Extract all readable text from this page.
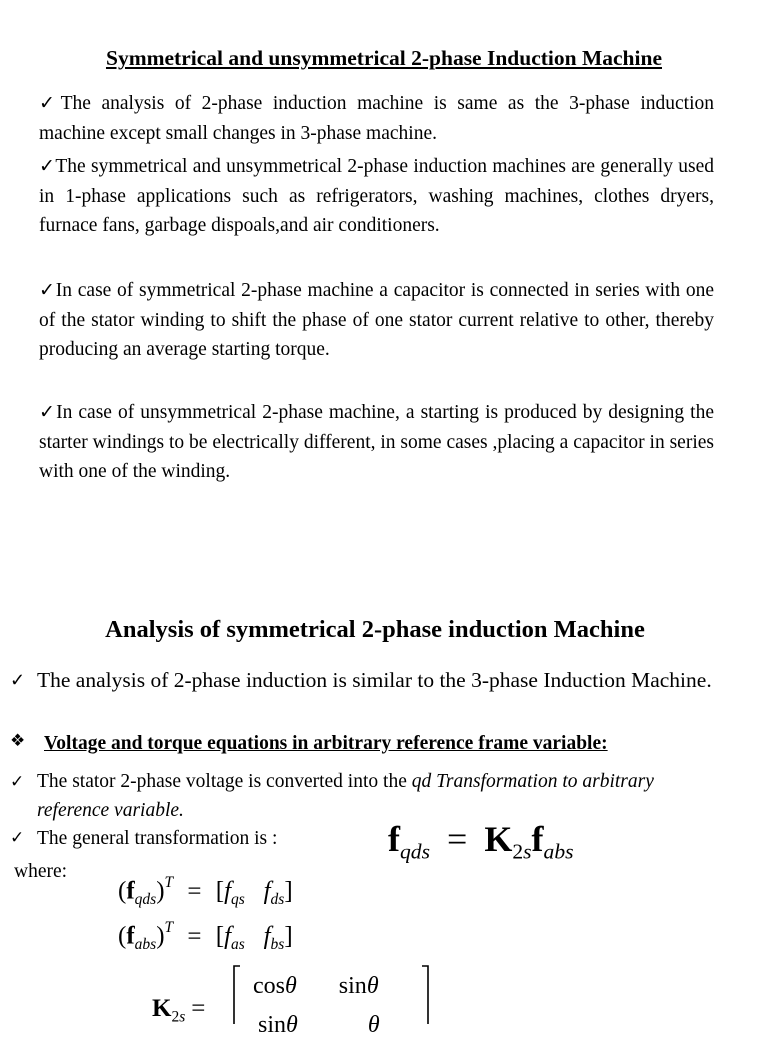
Symmetrical and unsymmetrical 2-phase Induction Machine
✓The analysis of 2-phase induction machine is same as the 3-phase induction machine except small changes in 3-phase machine.
✓The symmetrical and unsymmetrical 2-phase induction machines are generally used in 1-phase applications such as refrigerators, washing machines, clothes dryers, furnace fans, garbage dispoals,and air conditioners.
✓In case of symmetrical 2-phase machine a capacitor is connected in series with one of the stator winding to shift the phase of one stator current relative to other, thereby producing an average starting torque.
✓In case of unsymmetrical 2-phase machine, a starting is produced by designing the starter windings to be electrically different, in some cases ,placing a capacitor in series with one of the winding.
Analysis of symmetrical 2-phase induction Machine
✓ The analysis of 2-phase induction is similar to the 3-phase Induction Machine.
❖ Voltage and torque equations in arbitrary reference frame variable:
✓ The stator 2-phase voltage is converted into the qd Transformation to arbitrary reference variable.
✓ The general transformation is :	$f_{qds} = K_{2s}f_{abs}$
where:
$(f_{qds})^T = [f_{qs}$ $f_{ds}$]
$(f_{abs})^T = [f_{as}$ $f_{bs}$]
$K_{2s}$ =
cosθ sinθ
sinθ	θ
